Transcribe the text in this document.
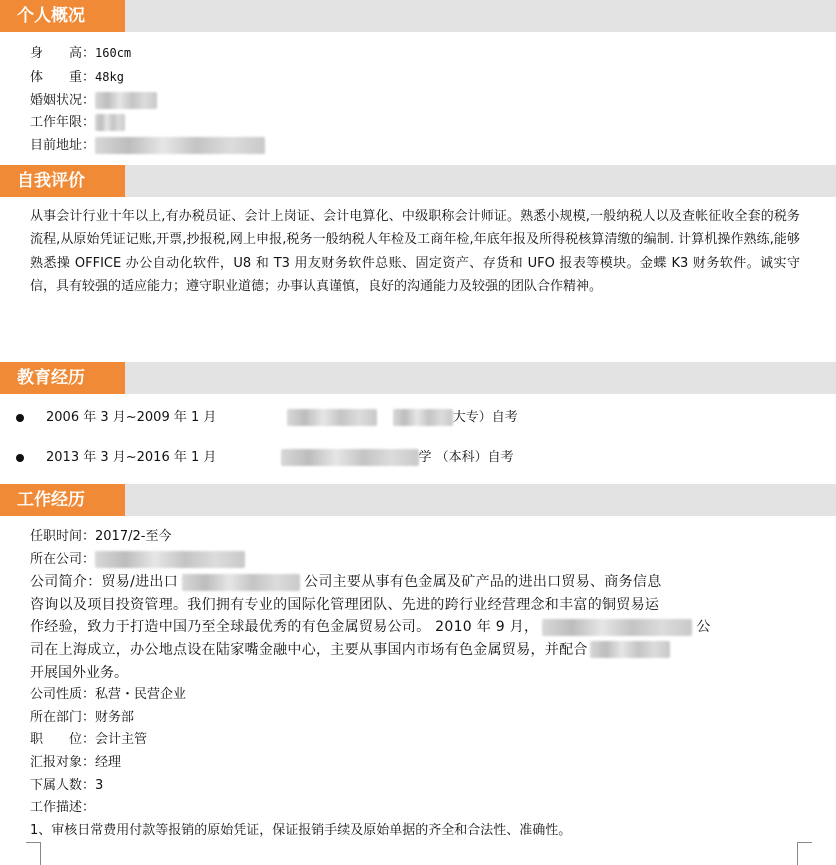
个人概况
身　　高：160cm
体　　重：48kg
婚姻状况：
工作年限：
目前地址：
自我评价
从事会计行业十年以上,有办税员证、会计上岗证、会计电算化、中级职称会计师证。熟悉小规模,一般纳税人以及查帐征收全套的税务流程,从原始凭证记账,开票,抄报税,网上申报,税务一般纳税人年检及工商年检,年底年报及所得税核算清缴的编制. 计算机操作熟练,能够熟悉操 OFFICE 办公自动化软件，U8 和 T3 用友财务软件总账、固定资产、存货和 UFO 报表等模块。金蝶 K3 财务软件。诚实守信，具有较强的适应能力；遵守职业道德；办事认真谨慎，良好的沟通能力及较强的团队合作精神。
教育经历
2006 年 3 月~2009 年 1 月	大专）自考
2013 年 3 月~2016 年 1 月	学 （本科）自考
工作经历
任职时间：2017/2-至今
所在公司：
公司简介：贸易/进出口	公司主要从事有色金属及矿产品的进出口贸易、商务信息
咨询以及项目投资管理。我们拥有专业的国际化管理团队、先进的跨行业经营理念和丰富的铜贸易运
作经验，致力于打造中国乃至全球最优秀的有色金属贸易公司。 2010 年 9 月，	公
司在上海成立，办公地点设在陆家嘴金融中心，主要从事国内市场有色金属贸易，并配合
开展国外业务。
公司性质：私营・民营企业
所在部门：财务部
职　　位：会计主管
汇报对象：经理
下属人数：3
工作描述：
1、审核日常费用付款等报销的原始凭证，保证报销手续及原始单据的齐全和合法性、准确性。
